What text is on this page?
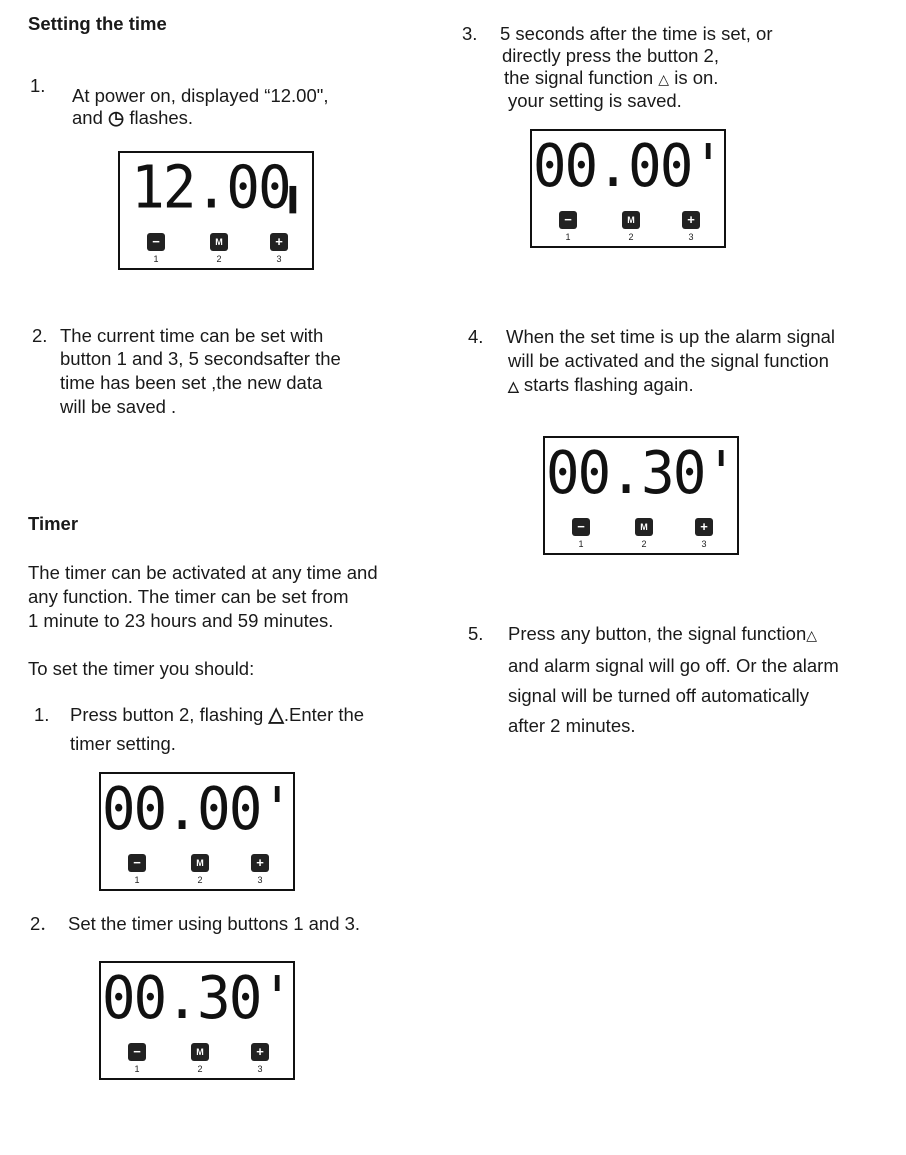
Setting the time
1. At power on, displayed “12.00",
and ◷ flashes.
2. The current time can be set with
button 1 and 3, 5 secondsafter the
time has been set ,the new data
will be saved .
Timer
The timer can be activated at any time and
any function. The timer can be set from
1 minute to 23 hours and 59 minutes.
To set the timer you should:
1. Press button 2, flashing △.Enter the
timer setting.
2． Set the timer using buttons 1 and 3.
3. 5 seconds after the time is set, or
directly press the button 2,
the signal function △ is on.
your setting is saved.
4. When the set time is up the alarm signal
will be activated and the signal function
△ starts flashing again.
5. Press any button, the signal function△
and alarm signal will go off. Or the alarm
signal will be turned off automatically
after 2 minutes.
12.00▌
−	M	+
1	2	3
00.00'
−	M	+
1	2	3
00.30'
−	M	+
1	2	3
00.00'
−	M	+
1	2	3
00.30'
−	M	+
1	2	3
